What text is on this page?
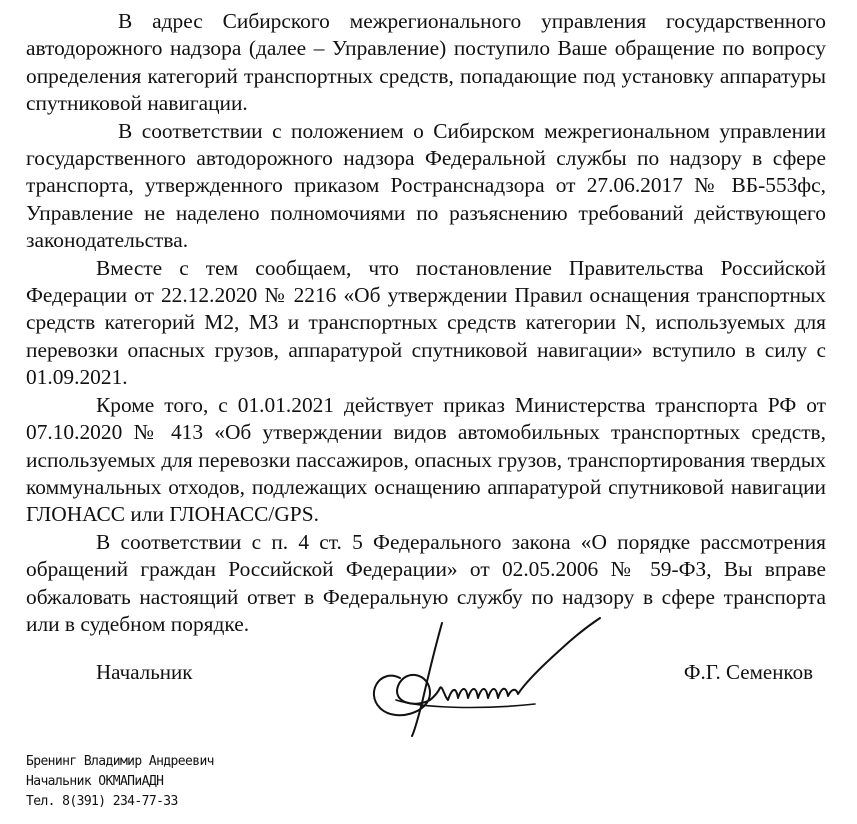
В адрес Сибирского межрегионального управления государственного автодорожного надзора (далее – Управление) поступило Ваше обращение по вопросу определения категорий транспортных средств, попадающие под установку аппаратуры спутниковой навигации.

В соответствии с положением о Сибирском межрегиональном управлении государственного автодорожного надзора Федеральной службы по надзору в сфере транспорта, утвержденного приказом Ространснадзора от 27.06.2017 № ВБ-553фс, Управление не наделено полномочиями по разъяснению требований действующего законодательства.

Вместе с тем сообщаем, что постановление Правительства Российской Федерации от 22.12.2020 № 2216 «Об утверждении Правил оснащения транспортных средств категорий М2, М3 и транспортных средств категории N, используемых для перевозки опасных грузов, аппаратурой спутниковой навигации» вступило в силу с 01.09.2021.

Кроме того, с 01.01.2021 действует приказ Министерства транспорта РФ от 07.10.2020 № 413 «Об утверждении видов автомобильных транспортных средств, используемых для перевозки пассажиров, опасных грузов, транспортирования твердых коммунальных отходов, подлежащих оснащению аппаратурой спутниковой навигации ГЛОНАСС или ГЛОНАСС/GPS.

В соответствии с п. 4 ст. 5 Федерального закона «О порядке рассмотрения обращений граждан Российской Федерации» от 02.05.2006 № 59-ФЗ, Вы вправе обжаловать настоящий ответ в Федеральную службу по надзору в сфере транспорта или в судебном порядке.

Начальник	Ф.Г. Семенков
Бренинг Владимир Андреевич
Начальник ОКМАПиАДН
Тел. 8(391) 234-77-33
